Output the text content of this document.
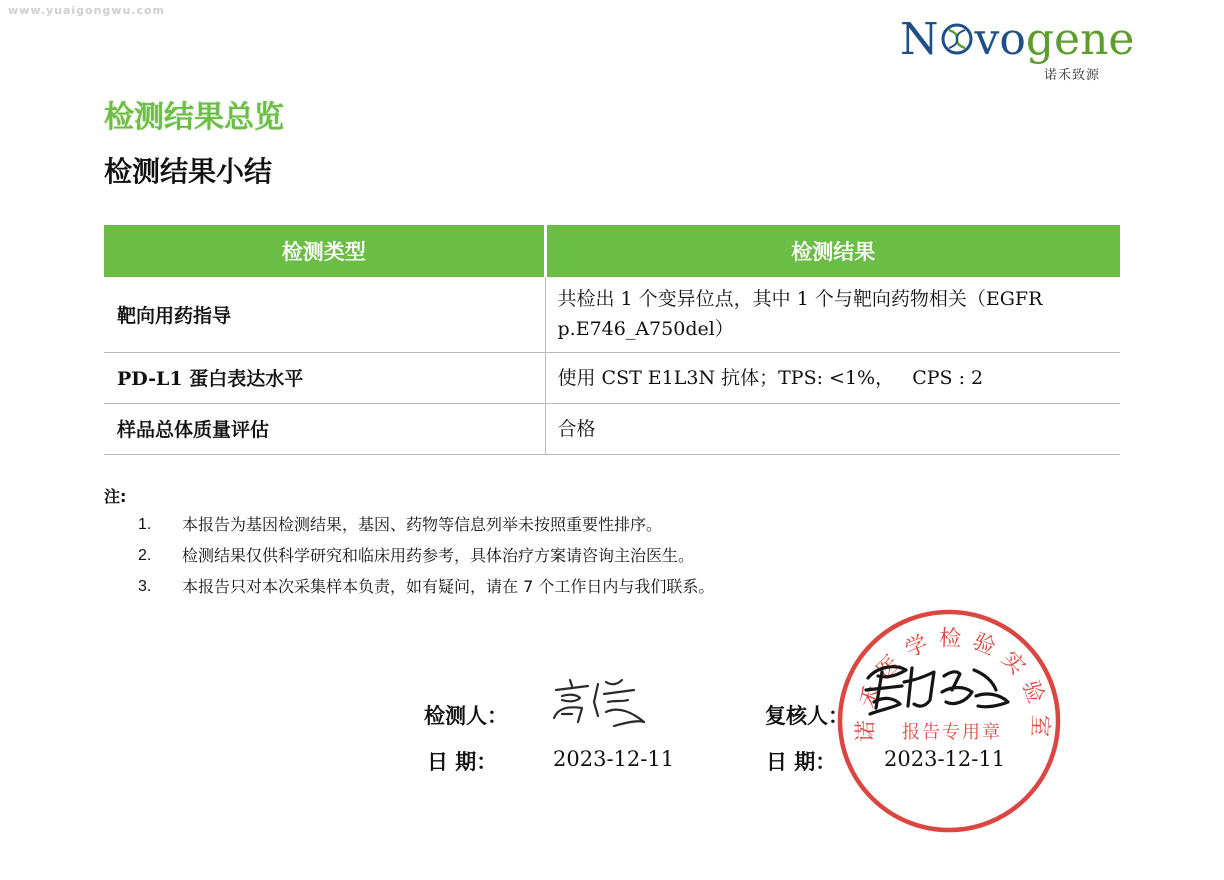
www.yuaigongwu.com
N vogene
诺禾致源
检测结果总览
检测结果小结
检测类型	检测结果
靶向用药指导	共检出 1 个变异位点，其中 1 个与靶向药物相关（EGFR
p.E746_A750del）
PD-L1 蛋白表达水平	使用 CST E1L3N 抗体；TPS: <1%，   CPS : 2
样品总体质量评估	合格
注:
1.	本报告为基因检测结果，基因、药物等信息列举未按照重要性排序。
2.	检测结果仅供科学研究和临床用药参考，具体治疗方案请咨询主治医生。
3.	本报告只对本次采集样本负责，如有疑问，请在 7 个工作日内与我们联系。
检测人：
日 期：	2023-12-11
复核人：
日 期： 2023-12-11
诺禾医学检验实验室
报告专用章
